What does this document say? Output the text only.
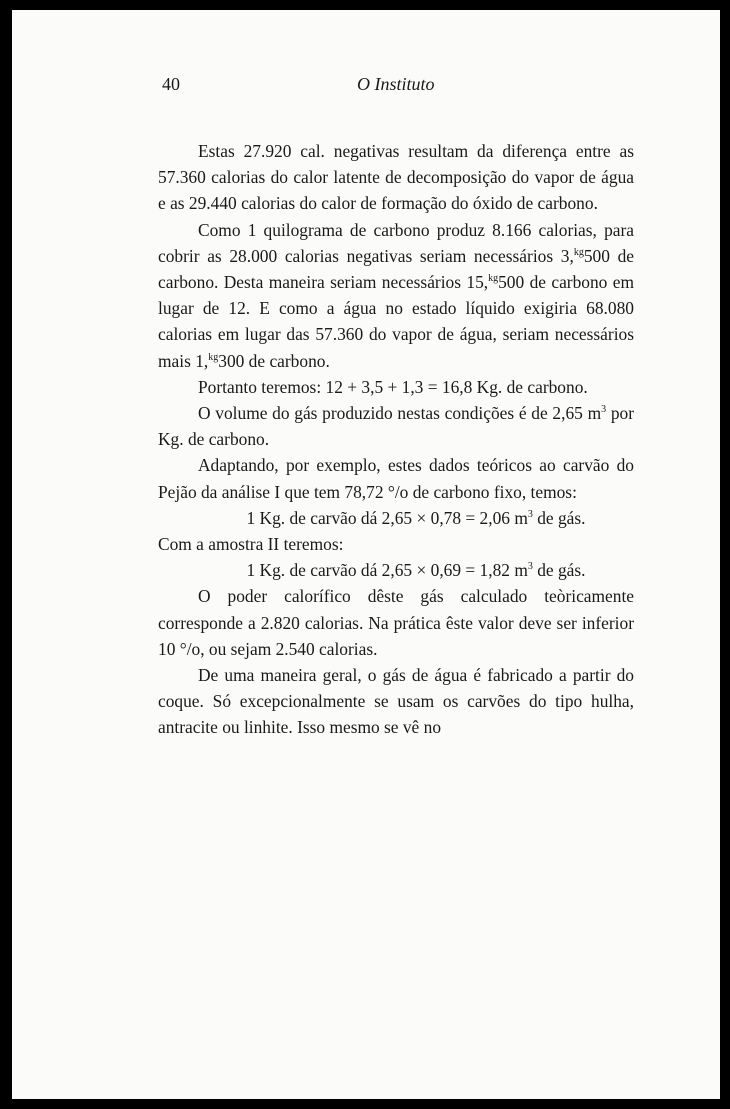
40	O Instituto

Estas 27.920 cal. negativas resultam da diferença entre as 57.360 calorias do calor latente de decomposição do vapor de água e as 29.440 calorias do calor de formação do óxido de carbono.

Como 1 quilograma de carbono produz 8.166 calorias, para cobrir as 28.000 calorias negativas seriam necessários 3,$^{kg}$500 de carbono. Desta maneira seriam necessários 15,$^{kg}$500 de carbono em lugar de 12. E como a água no estado líquido exigiria 68.080 calorias em lugar das 57.360 do vapor de água, seriam necessários mais 1,$^{kg}$300 de carbono.

Portanto teremos: 12 + 3,5 + 1,3 = 16,8 Kg. de carbono.

O volume do gás produzido nestas condições é de 2,65 $m^3$ por Kg. de carbono.

Adaptando, por exemplo, estes dados teóricos ao carvão do Pejão da análise I que tem 78,72 °/o de carbono fixo, temos:

1 Kg. de carvão dá 2,65 × 0,78 = 2,06 $m^3$ de gás.

Com a amostra II teremos:

1 Kg. de carvão dá 2,65 × 0,69 = 1,82 $m^3$ de gás.

O poder calorífico dêste gás calculado teòricamente corresponde a 2.820 calorias. Na prática êste valor deve ser inferior 10 °/o, ou sejam 2.540 calorias.

De uma maneira geral, o gás de água é fabricado a partir do coque. Só excepcionalmente se usam os carvões do tipo hulha, antracite ou linhite. Isso mesmo se vê no
